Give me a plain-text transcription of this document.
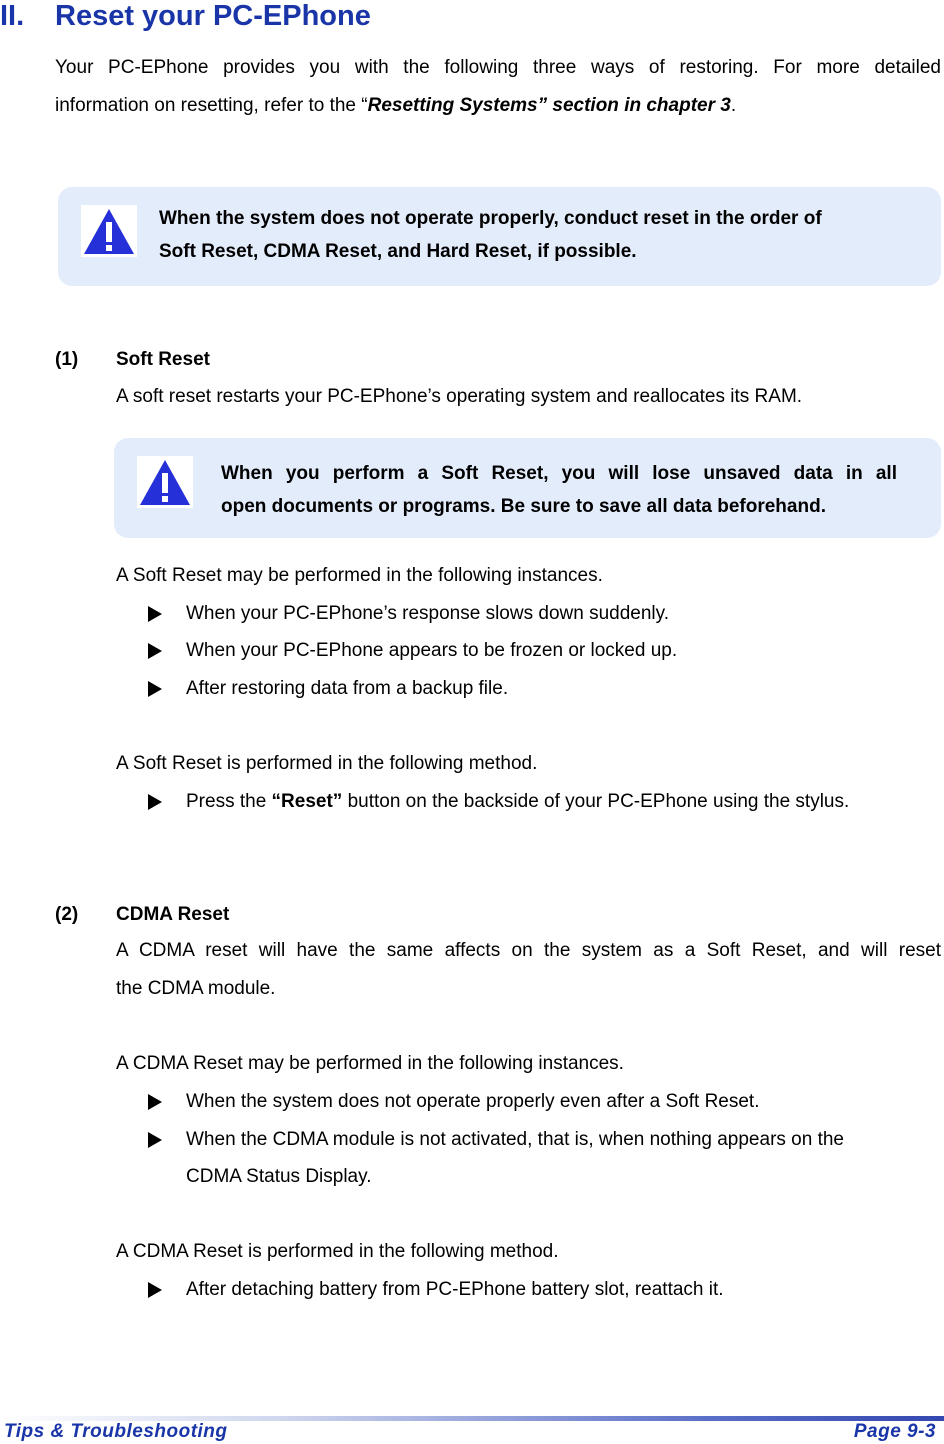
II. Reset your PC-EPhone
Your PC-EPhone provides you with the following three ways of restoring. For more detailed
information on resetting, refer to the “Resetting Systems” section in chapter 3.
When the system does not operate properly, conduct reset in the order of
Soft Reset, CDMA Reset, and Hard Reset, if possible.
(1) Soft Reset
A soft reset restarts your PC-EPhone’s operating system and reallocates its RAM.
When you perform a Soft Reset, you will lose unsaved data in all
open documents or programs. Be sure to save all data beforehand.
A Soft Reset may be performed in the following instances.
When your PC-EPhone’s response slows down suddenly.
When your PC-EPhone appears to be frozen or locked up.
After restoring data from a backup file.
A Soft Reset is performed in the following method.
Press the “Reset” button on the backside of your PC-EPhone using the stylus.
(2) CDMA Reset
A CDMA reset will have the same affects on the system as a Soft Reset, and will reset
the CDMA module.
A CDMA Reset may be performed in the following instances.
When the system does not operate properly even after a Soft Reset.
When the CDMA module is not activated, that is, when nothing appears on the
CDMA Status Display.
A CDMA Reset is performed in the following method.
After detaching battery from PC-EPhone battery slot, reattach it.
Tips & Troubleshooting	Page 9-3
